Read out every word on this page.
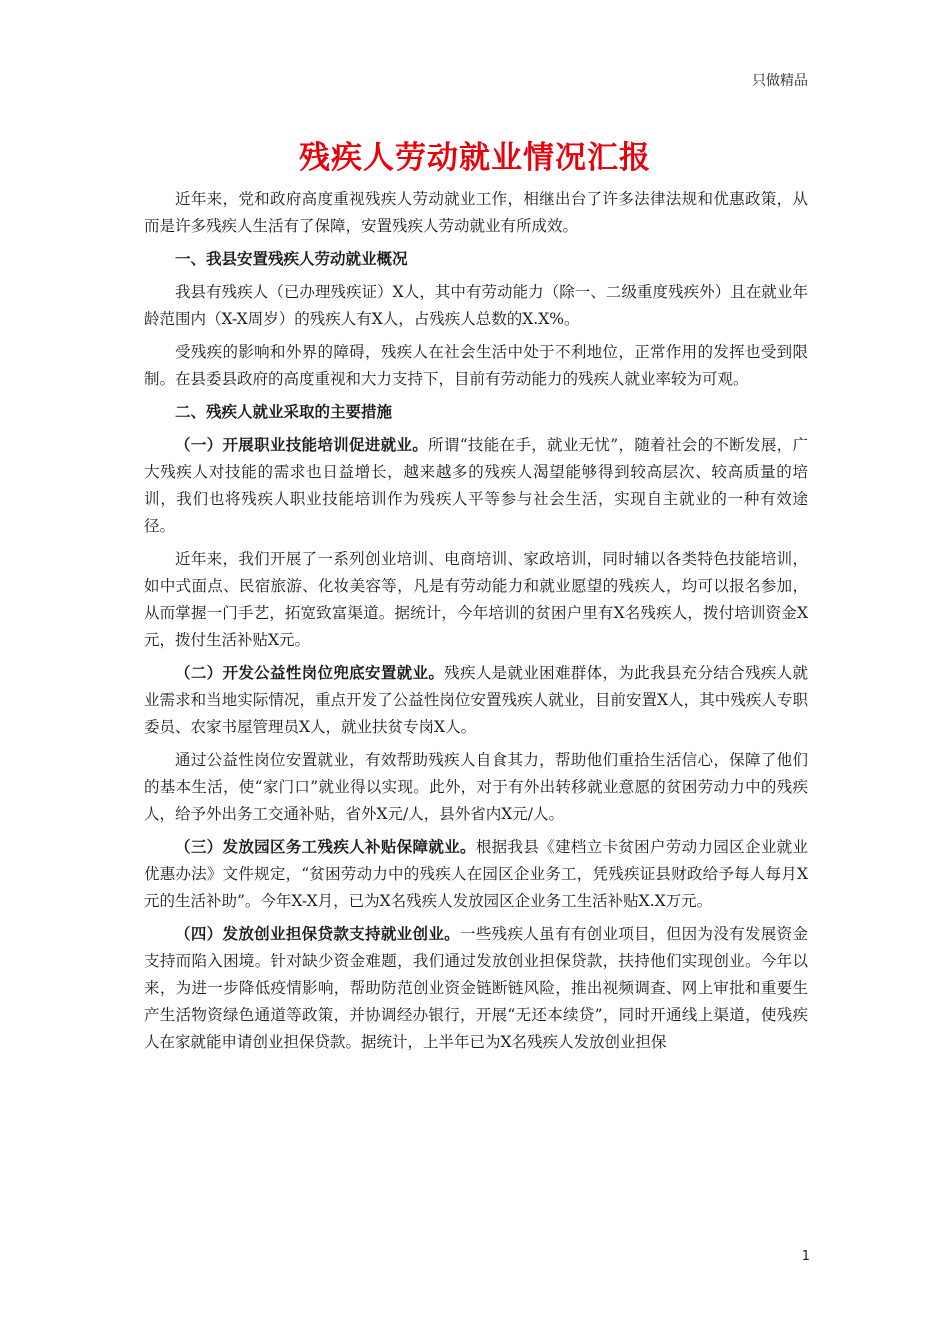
只做精品
残疾人劳动就业情况汇报

近年来，党和政府高度重视残疾人劳动就业工作，相继出台了许多法律法规和优惠政策，从而是许多残疾人生活有了保障，安置残疾人劳动就业有所成效。

一、我县安置残疾人劳动就业概况

我县有残疾人（已办理残疾证）X人，其中有劳动能力（除一、二级重度残疾外）且在就业年龄范围内（X-X周岁）的残疾人有X人，占残疾人总数的X.X%。

受残疾的影响和外界的障碍，残疾人在社会生活中处于不利地位，正常作用的发挥也受到限制。在县委县政府的高度重视和大力支持下，目前有劳动能力的残疾人就业率较为可观。

二、残疾人就业采取的主要措施

（一）开展职业技能培训促进就业。所谓“技能在手，就业无忧”，随着社会的不断发展，广大残疾人对技能的需求也日益增长，越来越多的残疾人渴望能够得到较高层次、较高质量的培训，我们也将残疾人职业技能培训作为残疾人平等参与社会生活，实现自主就业的一种有效途径。

近年来，我们开展了一系列创业培训、电商培训、家政培训，同时辅以各类特色技能培训，如中式面点、民宿旅游、化妆美容等，凡是有劳动能力和就业愿望的残疾人，均可以报名参加，从而掌握一门手艺，拓宽致富渠道。据统计，今年培训的贫困户里有X名残疾人，拨付培训资金X元，拨付生活补贴X元。

（二）开发公益性岗位兜底安置就业。残疾人是就业困难群体，为此我县充分结合残疾人就业需求和当地实际情况，重点开发了公益性岗位安置残疾人就业，目前安置X人，其中残疾人专职委员、农家书屋管理员X人，就业扶贫专岗X人。

通过公益性岗位安置就业，有效帮助残疾人自食其力，帮助他们重拾生活信心，保障了他们的基本生活，使“家门口”就业得以实现。此外，对于有外出转移就业意愿的贫困劳动力中的残疾人，给予外出务工交通补贴，省外X元/人，县外省内X元/人。

（三）发放园区务工残疾人补贴保障就业。根据我县《建档立卡贫困户劳动力园区企业就业优惠办法》文件规定，“贫困劳动力中的残疾人在园区企业务工，凭残疾证县财政给予每人每月X元的生活补助”。今年X-X月，已为X名残疾人发放园区企业务工生活补贴X.X万元。

（四）发放创业担保贷款支持就业创业。一些残疾人虽有有创业项目，但因为没有发展资金支持而陷入困境。针对缺少资金难题，我们通过发放创业担保贷款，扶持他们实现创业。今年以来，为进一步降低疫情影响，帮助防范创业资金链断链风险，推出视频调查、网上审批和重要生产生活物资绿色通道等政策，并协调经办银行，开展“无还本续贷”，同时开通线上渠道，使残疾人在家就能申请创业担保贷款。据统计，上半年已为X名残疾人发放创业担保

1
